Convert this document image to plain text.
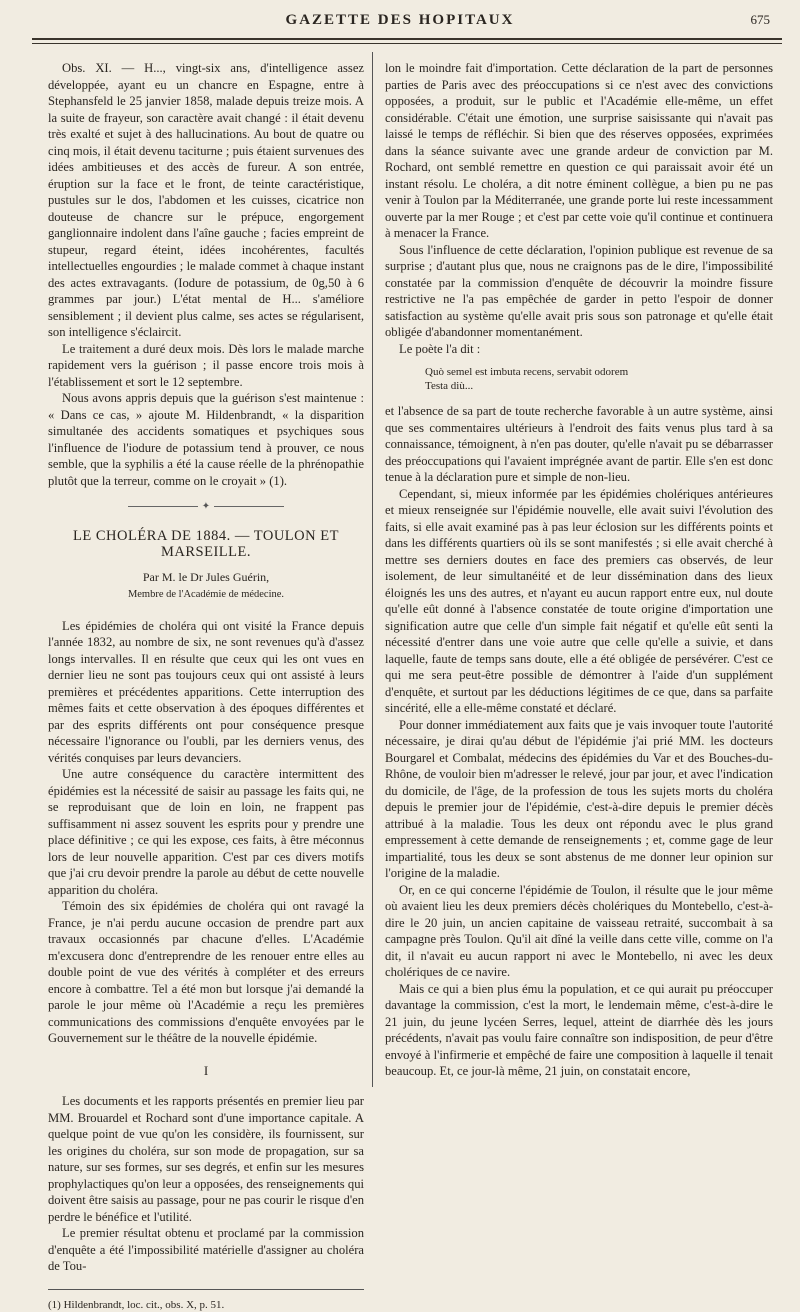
GAZETTE DES HOPITAUX	675

Obs. XI. — H..., vingt-six ans, d'intelligence assez développée, ayant eu un chancre en Espagne, entre à Stephansfeld le 25 janvier 1858, malade depuis treize mois. A la suite de frayeur, son caractère avait changé : il était devenu très exalté et sujet à des hallucinations. Au bout de quatre ou cinq mois, il était devenu taciturne ; puis étaient survenues des idées ambitieuses et des accès de fureur. A son entrée, éruption sur la face et le front, de teinte caractéristique, pustules sur le dos, l'abdomen et les cuisses, cicatrice non douteuse de chancre sur le prépuce, engorgement ganglionnaire indolent dans l'aîne gauche ; facies empreint de stupeur, regard éteint, idées incohérentes, facultés intellectuelles engourdies ; le malade commet à chaque instant des actes extravagants. (Iodure de potassium, de 0g,50 à 6 grammes par jour.) L'état mental de H... s'améliore sensiblement ; il devient plus calme, ses actes se régularisent, son intelligence s'éclaircit.

Le traitement a duré deux mois. Dès lors le malade marche rapidement vers la guérison ; il passe encore trois mois à l'établissement et sort le 12 septembre.

Nous avons appris depuis que la guérison s'est maintenue : « Dans ce cas, » ajoute M. Hildenbrandt, « la disparition simultanée des accidents somatiques et psychiques sous l'influence de l'iodure de potassium tend à prouver, ce nous semble, que la syphilis a été la cause réelle de la phrénopathie plutôt que la terreur, comme on le croyait » (1).

✦
LE CHOLÉRA DE 1884. — TOULON ET MARSEILLE.
Par M. le Dr Jules Guérin,
Membre de l'Académie de médecine.

Les épidémies de choléra qui ont visité la France depuis l'année 1832, au nombre de six, ne sont revenues qu'à d'assez longs intervalles. Il en résulte que ceux qui les ont vues en dernier lieu ne sont pas toujours ceux qui ont assisté à leurs premières et précédentes apparitions. Cette interruption des mêmes faits et cette observation à des époques différentes et par des esprits différents ont pour conséquence presque nécessaire l'ignorance ou l'oubli, par les derniers venus, des vérités conquises par leurs devanciers.

Une autre conséquence du caractère intermittent des épidémies est la nécessité de saisir au passage les faits qui, ne se reproduisant que de loin en loin, ne frappent pas suffisamment ni assez souvent les esprits pour y prendre une place définitive ; ce qui les expose, ces faits, à être méconnus lors de leur nouvelle apparition. C'est par ces divers motifs que j'ai cru devoir prendre la parole au début de cette nouvelle apparition du choléra.

Témoin des six épidémies de choléra qui ont ravagé la France, je n'ai perdu aucune occasion de prendre part aux travaux occasionnés par chacune d'elles. L'Académie m'excusera donc d'entreprendre de les renouer entre elles au double point de vue des vérités à compléter et des erreurs encore à combattre. Tel a été mon but lorsque j'ai demandé la parole le jour même où l'Académie a reçu les premières communications des commissions d'enquête envoyées par le Gouvernement sur le théâtre de la nouvelle épidémie.

I

Les documents et les rapports présentés en premier lieu par MM. Brouardel et Rochard sont d'une importance capitale. A quelque point de vue qu'on les considère, ils fournissent, sur les origines du choléra, sur son mode de propagation, sur sa nature, sur ses formes, sur ses degrés, et enfin sur les mesures prophylactiques qu'on leur a opposées, des renseignements qui doivent être saisis au passage, pour ne pas courir le risque d'en perdre le bénéfice et l'utilité.

Le premier résultat obtenu et proclamé par la commission d'enquête a été l'impossibilité matérielle d'assigner au choléra de Tou-

(1) Hildenbrandt, loc. cit., obs. X, p. 51.

lon le moindre fait d'importation. Cette déclaration de la part de personnes parties de Paris avec des préoccupations si ce n'est avec des convictions opposées, a produit, sur le public et l'Académie elle-même, un effet considérable. C'était une émotion, une surprise saisissante qui n'avait pas laissé le temps de réfléchir. Si bien que des réserves opposées, exprimées dans la séance suivante avec une grande ardeur de conviction par M. Rochard, ont semblé remettre en question ce qui paraissait avoir été un instant résolu. Le choléra, a dit notre éminent collègue, a bien pu ne pas venir à Toulon par la Méditerranée, une grande porte lui reste incessamment ouverte par la mer Rouge ; et c'est par cette voie qu'il continue et continuera à menacer la France.

Sous l'influence de cette déclaration, l'opinion publique est revenue de sa surprise ; d'autant plus que, nous ne craignons pas de le dire, l'impossibilité constatée par la commission d'enquête de découvrir la moindre fissure restrictive ne l'a pas empêchée de garder in petto l'espoir de donner satisfaction au système qu'elle avait pris sous son patronage et qu'elle était obligée d'abandonner momentanément.

Le poète l'a dit :

Quò semel est imbuta recens, servabit odorem
Testa diù...

et l'absence de sa part de toute recherche favorable à un autre système, ainsi que ses commentaires ultérieurs à l'endroit des faits venus plus tard à sa connaissance, témoignent, à n'en pas douter, qu'elle n'avait pu se débarrasser des préoccupations qui l'avaient imprégnée avant de partir. Elle s'en est donc tenue à la déclaration pure et simple de non-lieu.

Cependant, si, mieux informée par les épidémies cholériques antérieures et mieux renseignée sur l'épidémie nouvelle, elle avait suivi l'évolution des faits, si elle avait examiné pas à pas leur éclosion sur les différents points et dans les différents quartiers où ils se sont manifestés ; si elle avait cherché à mettre ses derniers doutes en face des premiers cas observés, de leur isolement, de leur simultanéité et de leur dissémination dans des lieux éloignés les uns des autres, et n'ayant eu aucun rapport entre eux, nul doute qu'elle eût donné à l'absence constatée de toute origine d'importation une signification autre que celle d'un simple fait négatif et qu'elle eût senti la nécessité d'entrer dans une voie autre que celle qu'elle a suivie, et dans laquelle, faute de temps sans doute, elle a été obligée de persévérer. C'est ce qui me sera peut-être possible de démontrer à l'aide d'un supplément d'enquête, et surtout par les déductions légitimes de ce que, dans sa parfaite sincérité, elle a elle-même constaté et déclaré.

Pour donner immédiatement aux faits que je vais invoquer toute l'autorité nécessaire, je dirai qu'au début de l'épidémie j'ai prié MM. les docteurs Bourgarel et Combalat, médecins des épidémies du Var et des Bouches-du-Rhône, de vouloir bien m'adresser le relevé, jour par jour, et avec l'indication du domicile, de l'âge, de la profession de tous les sujets morts du choléra depuis le premier jour de l'épidémie, c'est-à-dire depuis le premier décès attribué à la maladie. Tous les deux ont répondu avec le plus grand empressement à cette demande de renseignements ; et, comme gage de leur impartialité, tous les deux se sont abstenus de me donner leur opinion sur l'origine de la maladie.

Or, en ce qui concerne l'épidémie de Toulon, il résulte que le jour même où avaient lieu les deux premiers décès cholériques du Montebello, c'est-à-dire le 20 juin, un ancien capitaine de vaisseau retraité, succombait à sa campagne près Toulon. Qu'il ait dîné la veille dans cette ville, comme on l'a dit, il n'avait eu aucun rapport ni avec le Montebello, ni avec les deux cholériques de ce navire.

Mais ce qui a bien plus ému la population, et ce qui aurait pu préoccuper davantage la commission, c'est la mort, le lendemain même, c'est-à-dire le 21 juin, du jeune lycéen Serres, lequel, atteint de diarrhée dès les jours précédents, n'avait pas voulu faire connaître son indisposition, de peur d'être envoyé à l'infirmerie et empêché de faire une composition à laquelle il tenait beaucoup. Et, ce jour-là même, 21 juin, on constatait encore,
